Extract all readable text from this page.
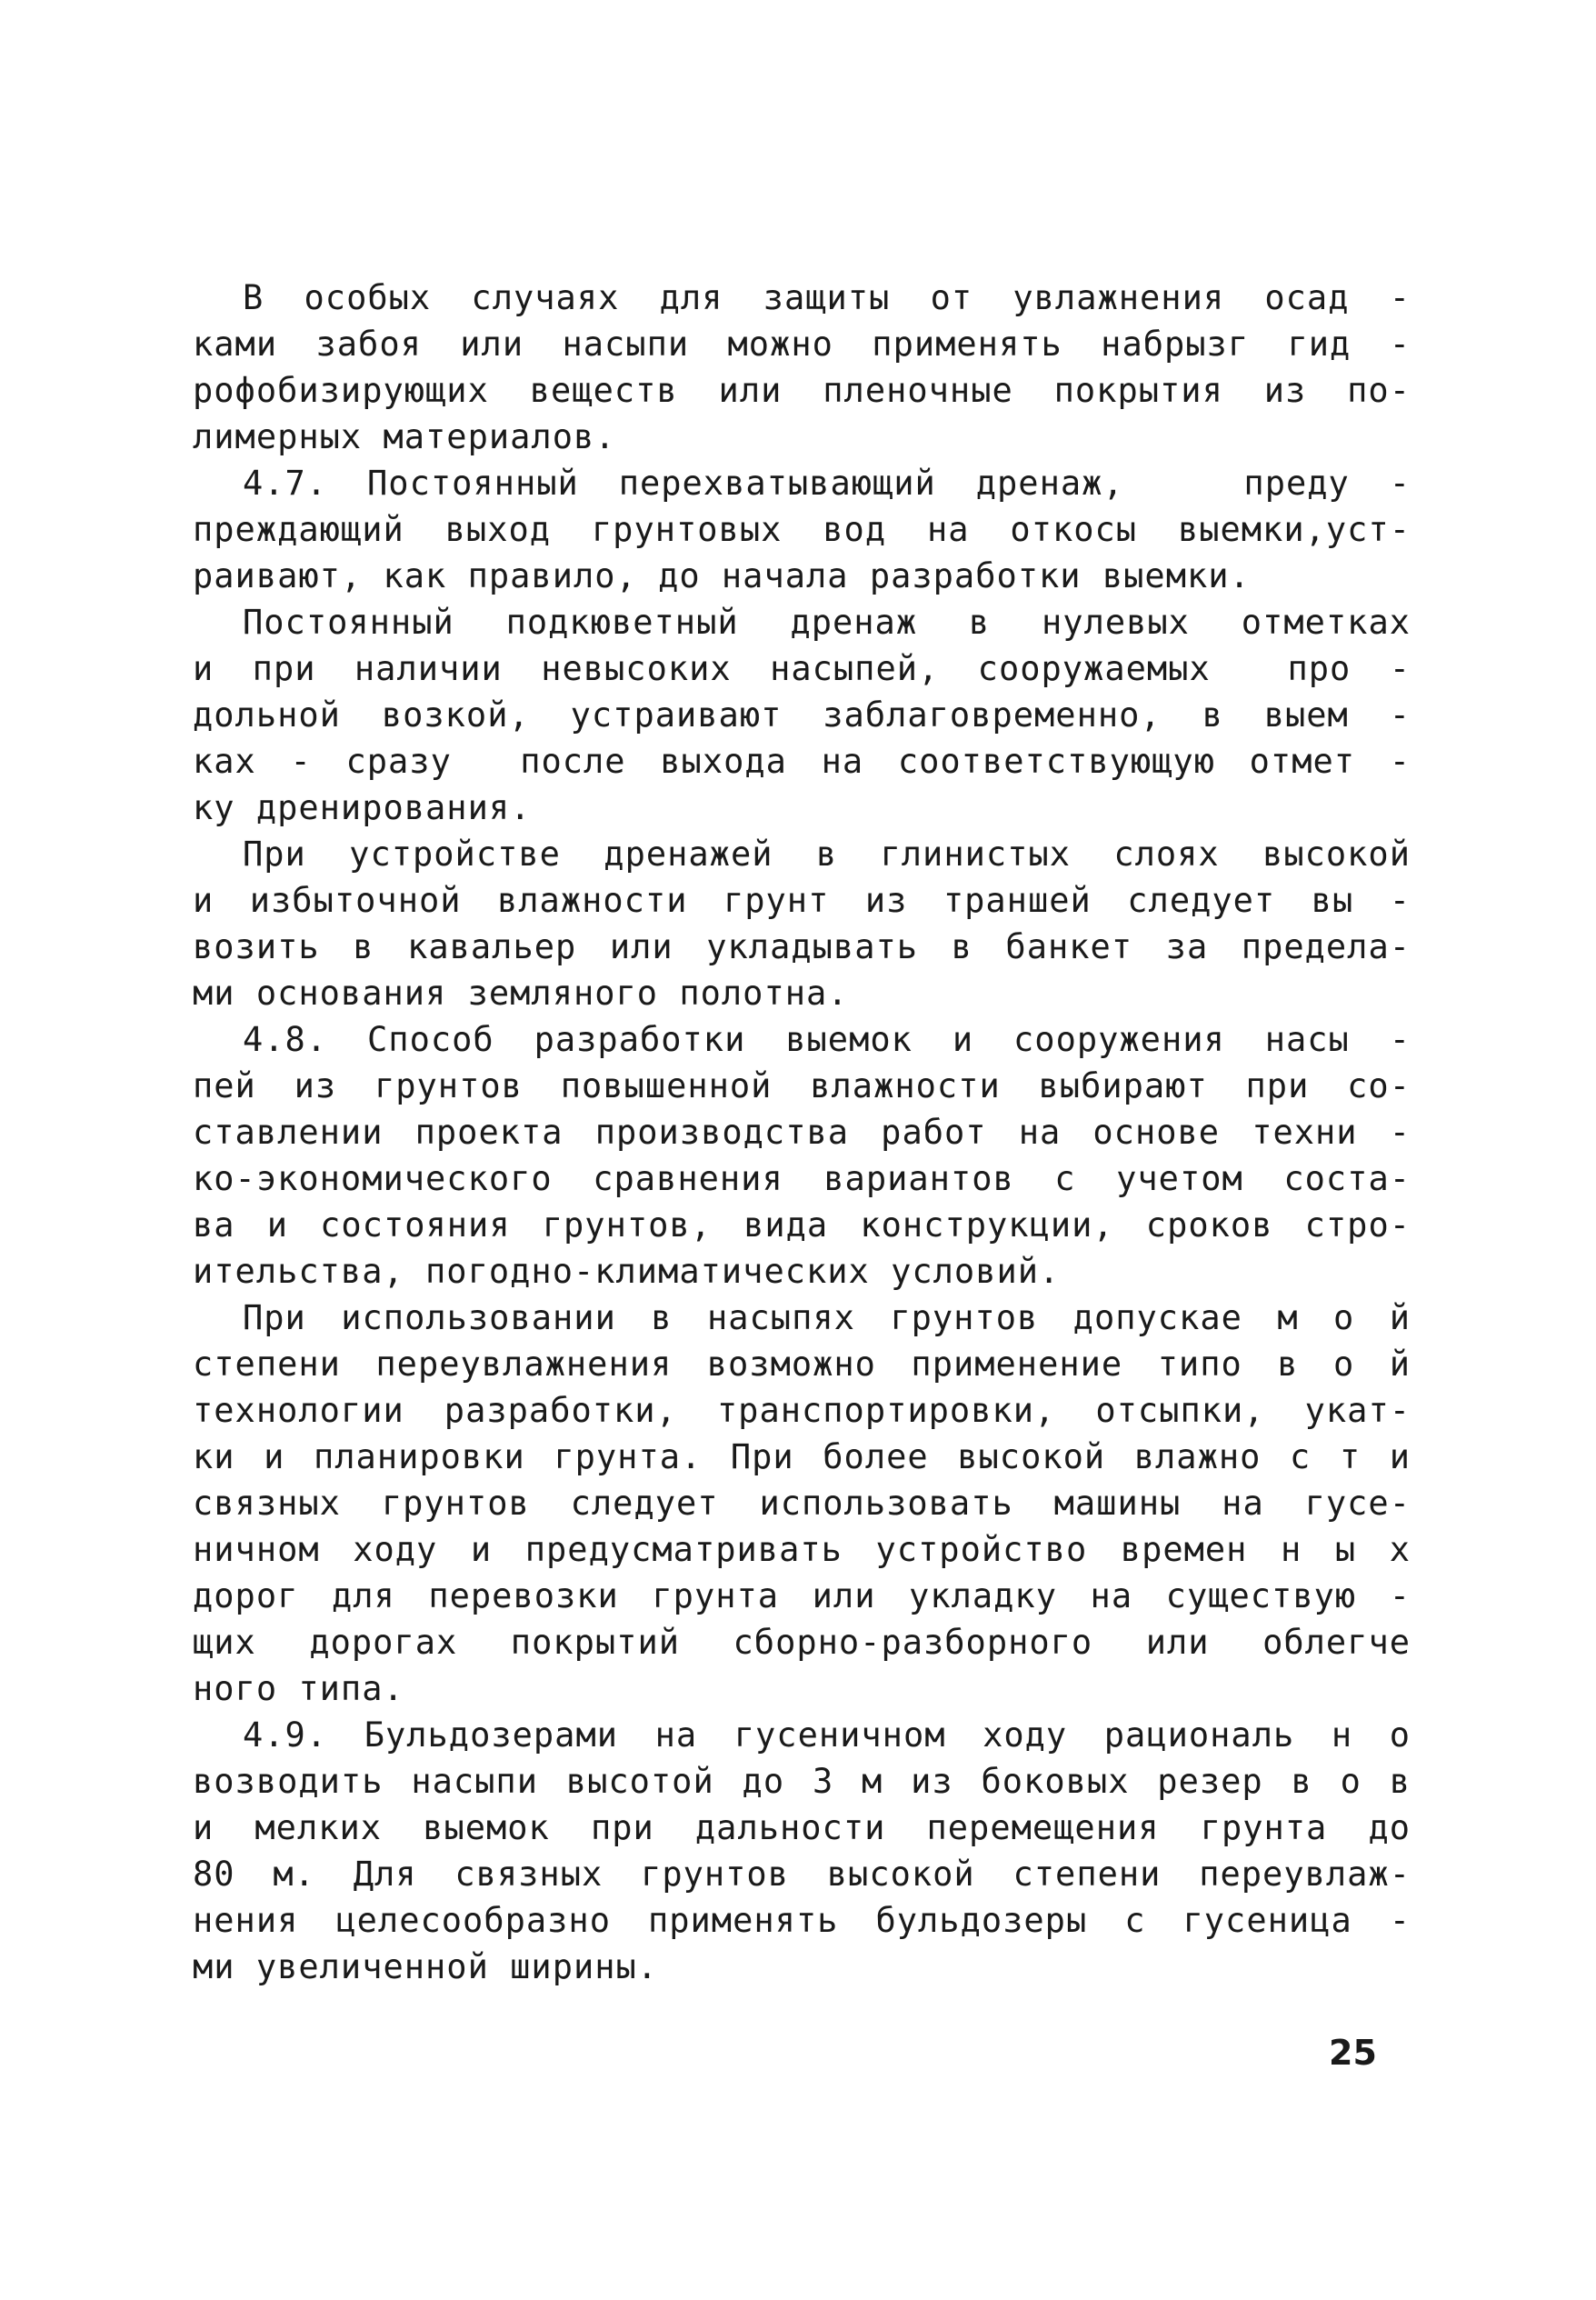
В особых случаях для защиты от увлажнения осад -
ками забоя или насыпи можно применять набрызг гид -
рофобизирующих веществ или пленочные покрытия из по-
лимерных материалов.
4.7. Постоянный перехватывающий дренаж,   преду -
преждающий выход грунтовых вод на откосы выемки,уст-
раивают, как правило, до начала разработки выемки.
Постоянный подкюветный дренаж в нулевых отметках
и при наличии невысоких насыпей, сооружаемых  про -
дольной возкой, устраивают заблаговременно, в выем -
ках - сразу  после выхода на соответствующую отмет -
ку дренирования.
При устройстве дренажей в глинистых слоях высокой
и избыточной влажности грунт из траншей следует вы -
возить в кавальер или укладывать в банкет за предела-
ми основания земляного полотна.
4.8. Способ разработки выемок и сооружения насы -
пей из грунтов повышенной влажности выбирают при со-
ставлении проекта производства работ на основе техни -
ко-экономического сравнения вариантов с учетом соста-
ва и состояния грунтов, вида конструкции, сроков стро-
ительства, погодно-климатических условий.
При использовании в насыпях грунтов допускае м о й
степени переувлажнения возможно применение типо в о й
технологии разработки, транспортировки, отсыпки, укат-
ки и планировки грунта. При более высокой влажно с т и
связных грунтов следует использовать машины на гусе-
ничном ходу и предусматривать устройство времен н ы х
дорог для перевозки грунта или укладку на существую -
щих дорогах покрытий сборно-разборного или облегче
ного типа.
4.9. Бульдозерами на гусеничном ходу рациональ н о
возводить насыпи высотой до 3 м из боковых резер в о в
и мелких выемок при дальности перемещения грунта до
80 м. Для связных грунтов высокой степени переувлаж-
нения целесообразно применять бульдозеры с гусеница -
ми увеличенной ширины.
25
